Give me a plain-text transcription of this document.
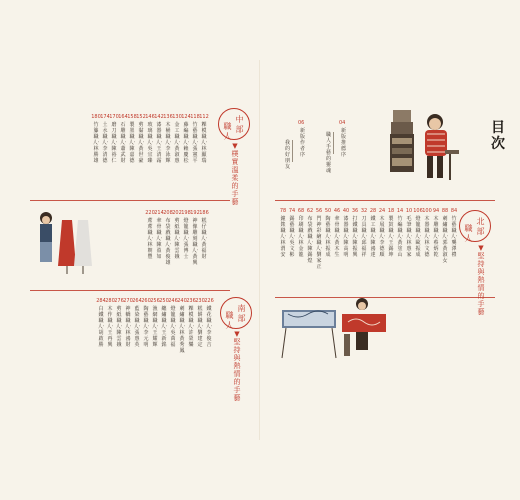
目次
04
新版推薦序
職人手藝的靈魂
06
新版作者序
我的好朋友
北部
職人
▼ 堅持與熱情的手藝
84
竹藝職人‧龔澤禮
88
刺繡職人‧郭黃淑女
94
木雕職人‧蔡炳乾
100
木器職人‧林文德
106
燈籠職人‧歐振成
10
毛筆職人‧林惠家
14
竹編職人‧黃塗山
18
製鼓職人‧王錫坤
24
木屐職人‧李德順
28
鐵工職人‧陳鴻達
32
刀具職人‧邱福祥
36
打鐵職人‧陳振興
40
漆器職人‧陳高明
46
傘骨職人‧黃木生
50
陶藝職人‧林振成
56
門神彩繪職人‧劉家正
62
布袋戲職人‧陳錫煌
68
印刷職人‧林金龍
74
錫藝職人‧吳文彬
78
鐘錶職人‧林渭安
中部
職人
▼ 樸實溫柔的手藝
112
粿模職人‧林顯瑞
118
竹藝職人‧張憲平
124
藤編職人‧賴慶松
130
金工職人‧黃淑惠
136
木桶職人‧李泳輝
142
漆器職人‧王清霜
146
玻璃職人‧吳宜臻
152
剪黏職人‧黃世豪
158
製墨職人‧陳嘉德
164
石雕職人‧蕭武財
170
磨刀職人‧陳裕仁
174
土水職人‧李清德
180
竹籐職人‧林勝雄
186
糕仔職人‧黃福財
192
神像雕刻職人‧黃興
198
燈籠職人‧張博士
202
剪紙職人‧陳雲娥
208
布袋戲職人‧黃俊雄
214
傘骨職人‧陳盈如
220
蓆蓆職人‧林朝豐
南部
職人
▼ 堅持與熱情的手藝
226
鐵花職人‧李俊吉
230
糕餅職人‧劉建定
236
粿模職人‧許榮樂
240
刺繡職人‧林黃秀鳳
246
燈籠職人‧吳萬福
250
纏繡職人‧王新銘
256
漁網職人‧王耀輝
260
陶藝職人‧李元明
264
藍染職人‧張惠英
270
神轎職人‧林鴻財
276
剪紙職人‧陳雲娥
280
木作職人‧王再興
284
白鐵職人‧胡啟勝
